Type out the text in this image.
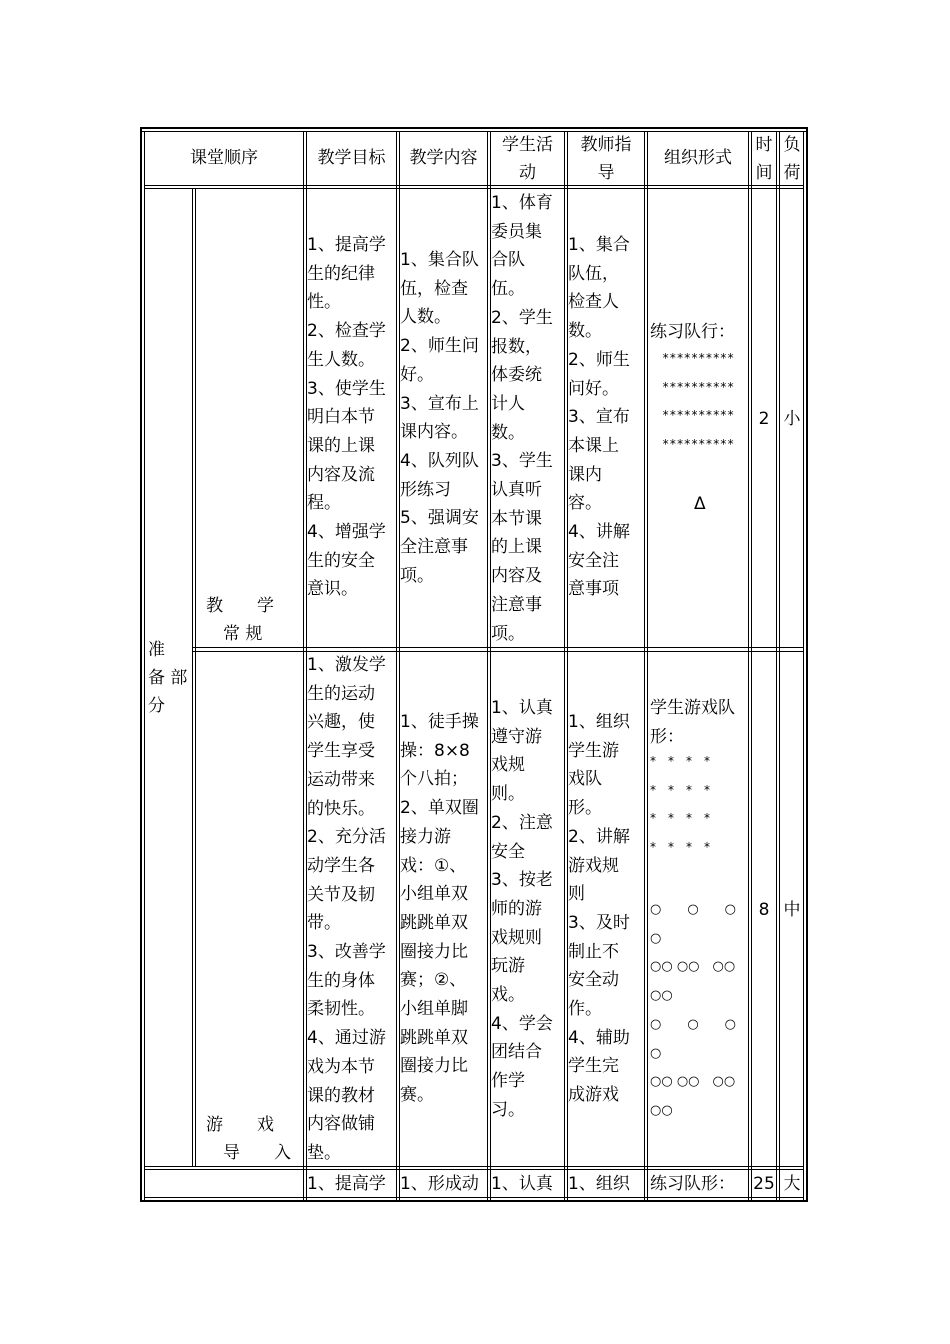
课堂顺序	教学目标	教学内容
学生活
动
教师指
导
组织形式
时
间
负
荷
准
备 部
分
教　　学
　常 规
1、提高学
生的纪律
性。
2、检查学
生人数。
3、使学生
明白本节
课的上课
内容及流
程。
4、增强学
生的安全
意识。
1、集合队
伍，检查
人数。
2、师生问
好。
3、宣布上
课内容。
4、队列队
形练习
5、强调安
全注意事
项。
1、体育
委员集
合队
伍。
2、学生
报数，
体委统
计人
数。
3、学生
认真听
本节课
的上课
内容及
注意事
项。
1、集合
队伍，
检查人
数。
2、师生
问好。
3、宣布
本课上
课内
容。
4、讲解
安全注
意事项
练习队行：
**********
**********
**********
**********
Δ
2 小
游　　戏
　导　　入
1、激发学
生的运动
兴趣，使
学生享受
运动带来
的快乐。
2、充分活
动学生各
关节及韧
带。
3、改善学
生的身体
柔韧性。
4、通过游
戏为本节
课的教材
内容做铺
垫。
1、徒手操
操：8×8
个八拍；
2、单双圈
接力游
戏：①、
小组单双
跳跳单双
圈接力比
赛；②、
小组单脚
跳跳单双
圈接力比
赛。
1、认真
遵守游
戏规
则。
2、注意
安全
3、按老
师的游
戏规则
玩游
戏。
4、学会
团结合
作学
习。
1、组织
学生游
戏队
形。
2、讲解
游戏规
则
3、及时
制止不
安全动
作。
4、辅助
学生完
成游戏
学生游戏队
形：
*　*　*　*
*　*　*　*
*　*　*　*
*　*　*　*
○　　○　　○
○
○○ ○○　○○
○○
○　　○　　○
○
○○ ○○　○○
○○
8 中
1、提高学 1、形成动 1、认真 1、组织 练习队形： 25 大
